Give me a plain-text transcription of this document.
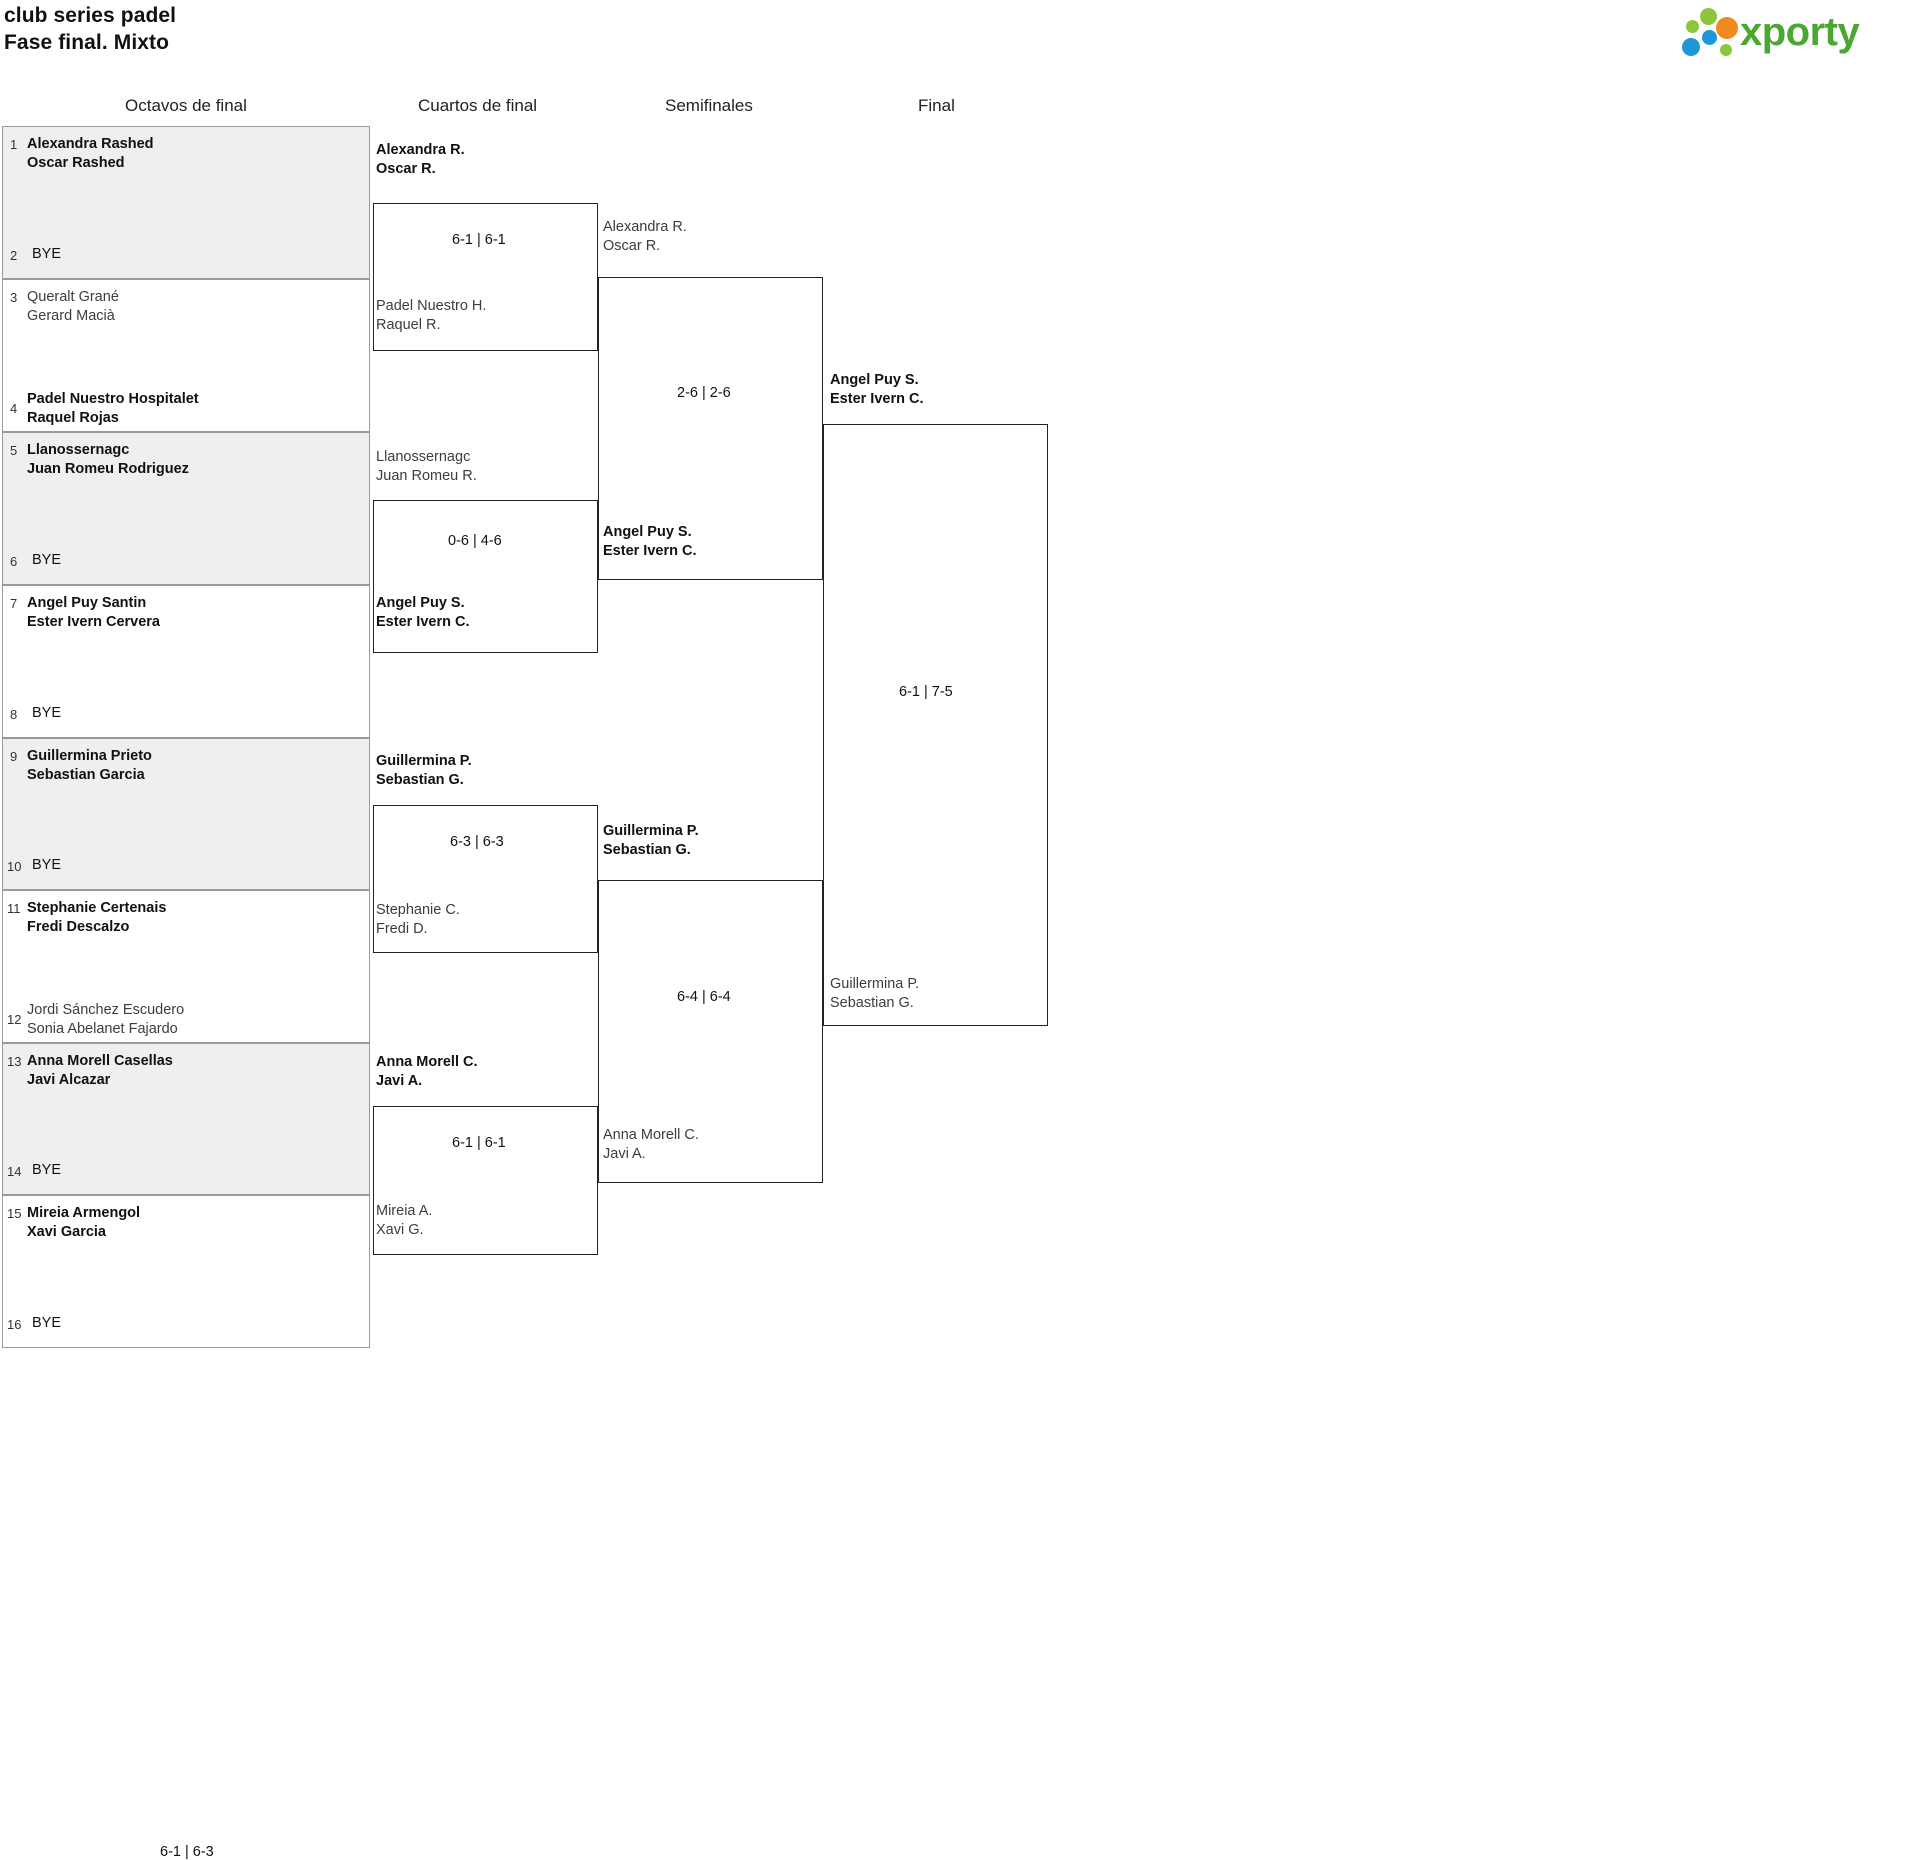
club series padel
Fase final. Mixto	xporty
Octavos de final	Cuartos de final	Semifinales	Final
1 Alexandra Rashed
Oscar Rashed
2 BYE
3 Queralt Grané
Gerard Macià
4
Padel Nuestro Hospitalet
Raquel Rojas
5 Llanossernagc
Juan Romeu Rodriguez
6 BYE
7 Angel Puy Santin
Ester Ivern Cervera
8 BYE
9 Guillermina Prieto
Sebastian Garcia
10 BYE
11 Stephanie Certenais
Fredi Descalzo
12
Jordi Sánchez Escudero
Sonia Abelanet Fajardo
6-1 | 6-3
13 Anna Morell Casellas
Javi Alcazar
14 BYE
15 Mireia Armengol
Xavi Garcia
16 BYE
Alexandra R.
Oscar R.
6-1 | 6-1
Padel Nuestro H.
Raquel R.
Llanossernagc
Juan Romeu R.
0-6 | 4-6
Angel Puy S.
Ester Ivern C.
Guillermina P.
Sebastian G.
6-3 | 6-3
Stephanie C.
Fredi D.
Anna Morell C.
Javi A.
6-1 | 6-1
Mireia A.
Xavi G.
Alexandra R.
Oscar R.
2-6 | 2-6
Angel Puy S.
Ester Ivern C.
Guillermina P.
Sebastian G.
6-4 | 6-4
Anna Morell C.
Javi A.
Angel Puy S.
Ester Ivern C.
6-1 | 7-5
Guillermina P.
Sebastian G.
